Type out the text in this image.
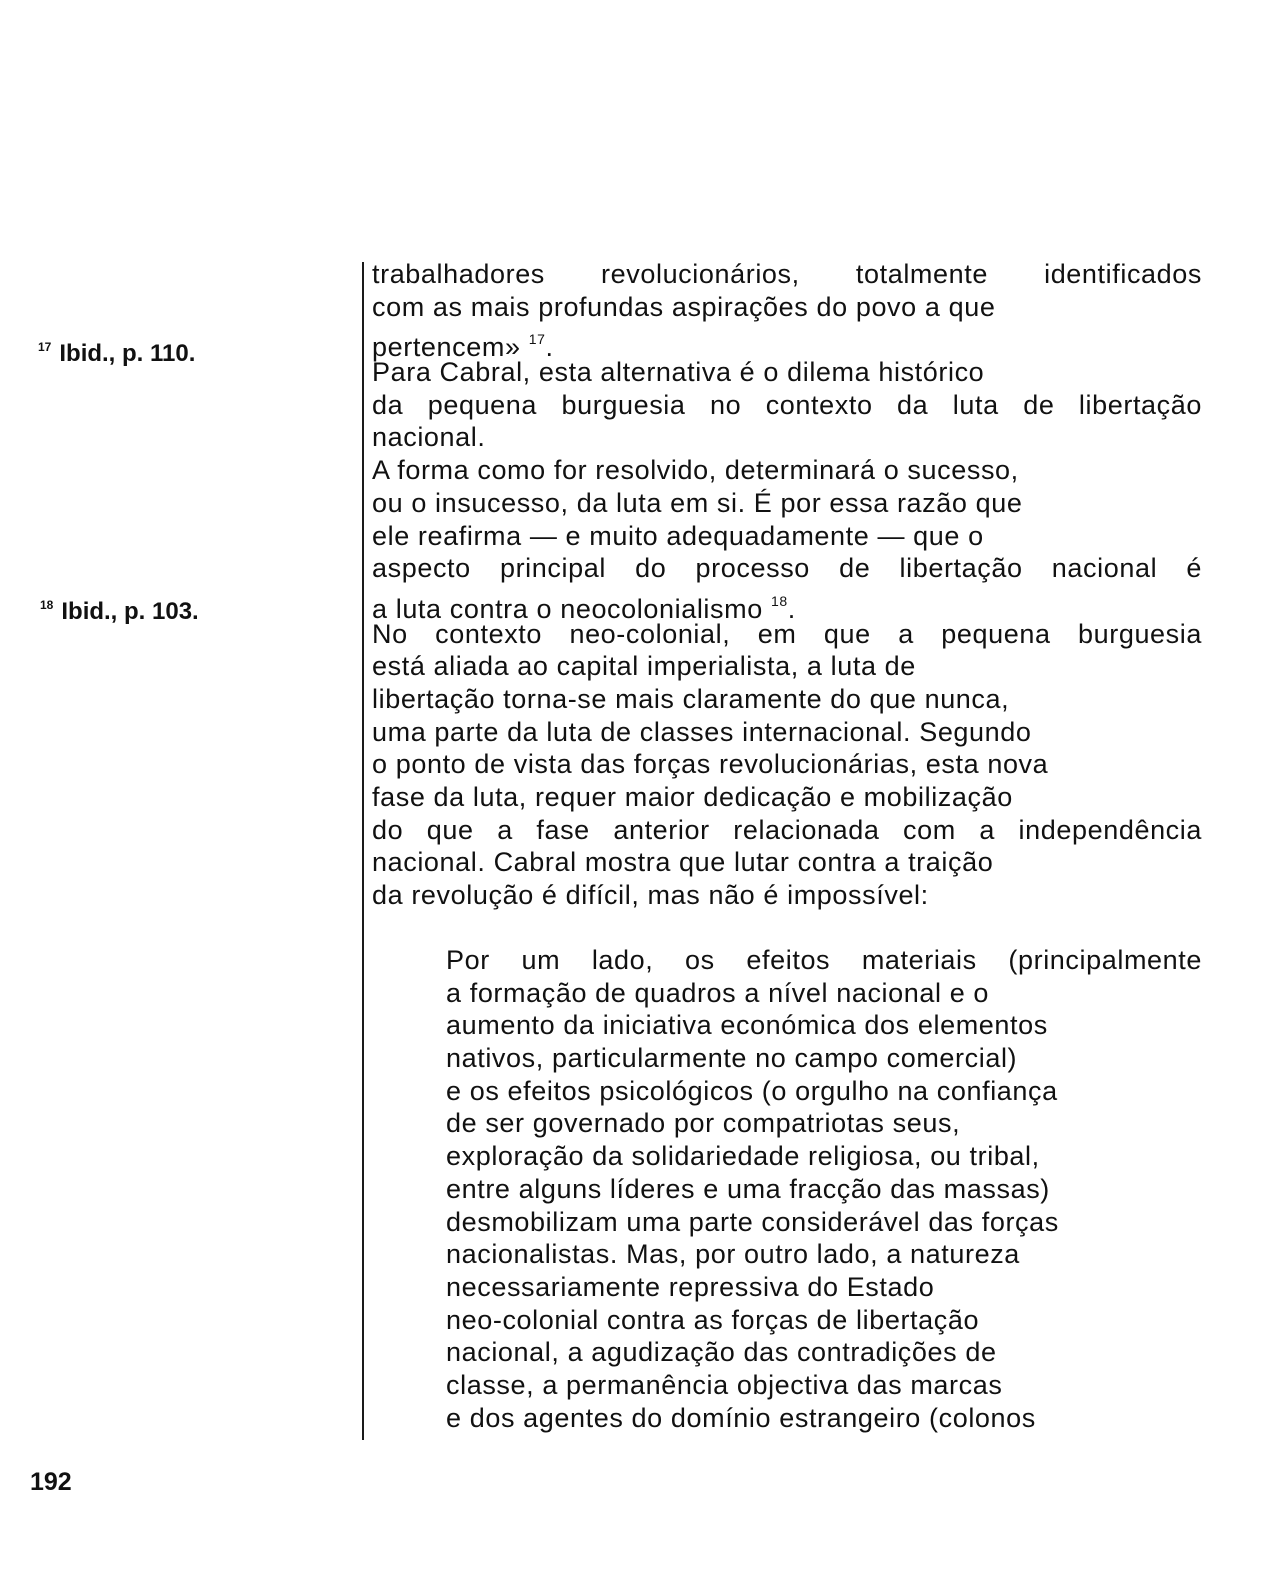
$^{17}$ Ibid., p. 110.
$^{18}$ Ibid., p. 103.
trabalhadores revolucionários, totalmente identificados
com as mais profundas aspirações do povo a que
pertencem» $^{17}$.
Para Cabral, esta alternativa é o dilema histórico
da pequena burguesia no contexto da luta de libertação
nacional.
A forma como for resolvido, determinará o sucesso,
ou o insucesso, da luta em si. É por essa razão que
ele reafirma — e muito adequadamente — que o
aspecto principal do processo de libertação nacional é
a luta contra o neocolonialismo $^{18}$.
No contexto neo-colonial, em que a pequena burguesia
está aliada ao capital imperialista, a luta de
libertação torna-se mais claramente do que nunca,
uma parte da luta de classes internacional. Segundo
o ponto de vista das forças revolucionárias, esta nova
fase da luta, requer maior dedicação e mobilização
do que a fase anterior relacionada com a independência
nacional. Cabral mostra que lutar contra a traição
da revolução é difícil, mas não é impossível:
Por um lado, os efeitos materiais (principalmente
a formação de quadros a nível nacional e o
aumento da iniciativa económica dos elementos
nativos, particularmente no campo comercial)
e os efeitos psicológicos (o orgulho na confiança
de ser governado por compatriotas seus,
exploração da solidariedade religiosa, ou tribal,
entre alguns líderes e uma fracção das massas)
desmobilizam uma parte considerável das forças
nacionalistas. Mas, por outro lado, a natureza
necessariamente repressiva do Estado
neo-colonial contra as forças de libertação
nacional, a agudização das contradições de
classe, a permanência objectiva das marcas
e dos agentes do domínio estrangeiro (colonos
192
